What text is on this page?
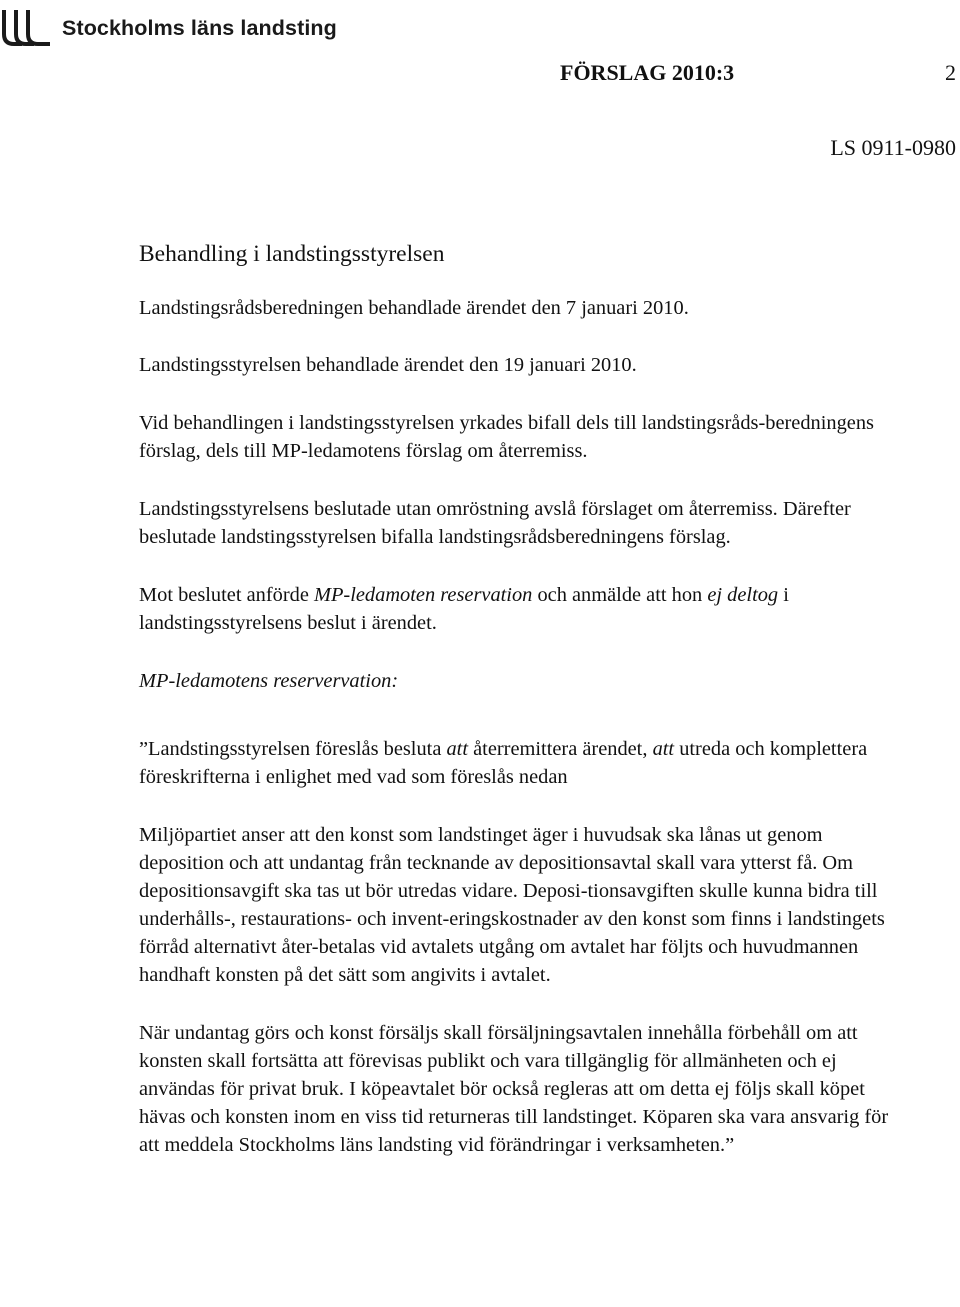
Stockholms läns landsting
FÖRSLAG 2010:3	2
LS 0911-0980
Behandling i landstingsstyrelsen

Landstingsrådsberedningen behandlade ärendet den 7 januari 2010.

Landstingsstyrelsen behandlade ärendet den 19 januari 2010.

Vid behandlingen i landstingsstyrelsen yrkades bifall dels till landstingsråds-beredningens förslag, dels till MP-ledamotens förslag om återremiss.

Landstingsstyrelsens beslutade utan omröstning avslå förslaget om återremiss. Därefter beslutade landstingsstyrelsen bifalla landstingsrådsberedningens förslag.

Mot beslutet anförde MP-ledamoten reservation och anmälde att hon ej deltog i landstingsstyrelsens beslut i ärendet.

MP-ledamotens reservervation:

”Landstingsstyrelsen föreslås besluta att återremittera ärendet, att utreda och komplettera föreskrifterna i enlighet med vad som föreslås nedan

Miljöpartiet anser att den konst som landstinget äger i huvudsak ska lånas ut genom deposition och att undantag från tecknande av depositionsavtal skall vara ytterst få. Om depositionsavgift ska tas ut bör utredas vidare. Deposi-tionsavgiften skulle kunna bidra till underhålls-, restaurations- och invent-eringskostnader av den konst som finns i landstingets förråd alternativt åter-betalas vid avtalets utgång om avtalet har följts och huvudmannen handhaft konsten på det sätt som angivits i avtalet.

När undantag görs och konst försäljs skall försäljningsavtalen innehålla förbehåll om att konsten skall fortsätta att förevisas publikt och vara tillgänglig för allmänheten och ej användas för privat bruk. I köpeavtalet bör också regleras att om detta ej följs skall köpet hävas och konsten inom en viss tid returneras till landstinget. Köparen ska vara ansvarig för att meddela Stockholms läns landsting vid förändringar i verksamheten.”
